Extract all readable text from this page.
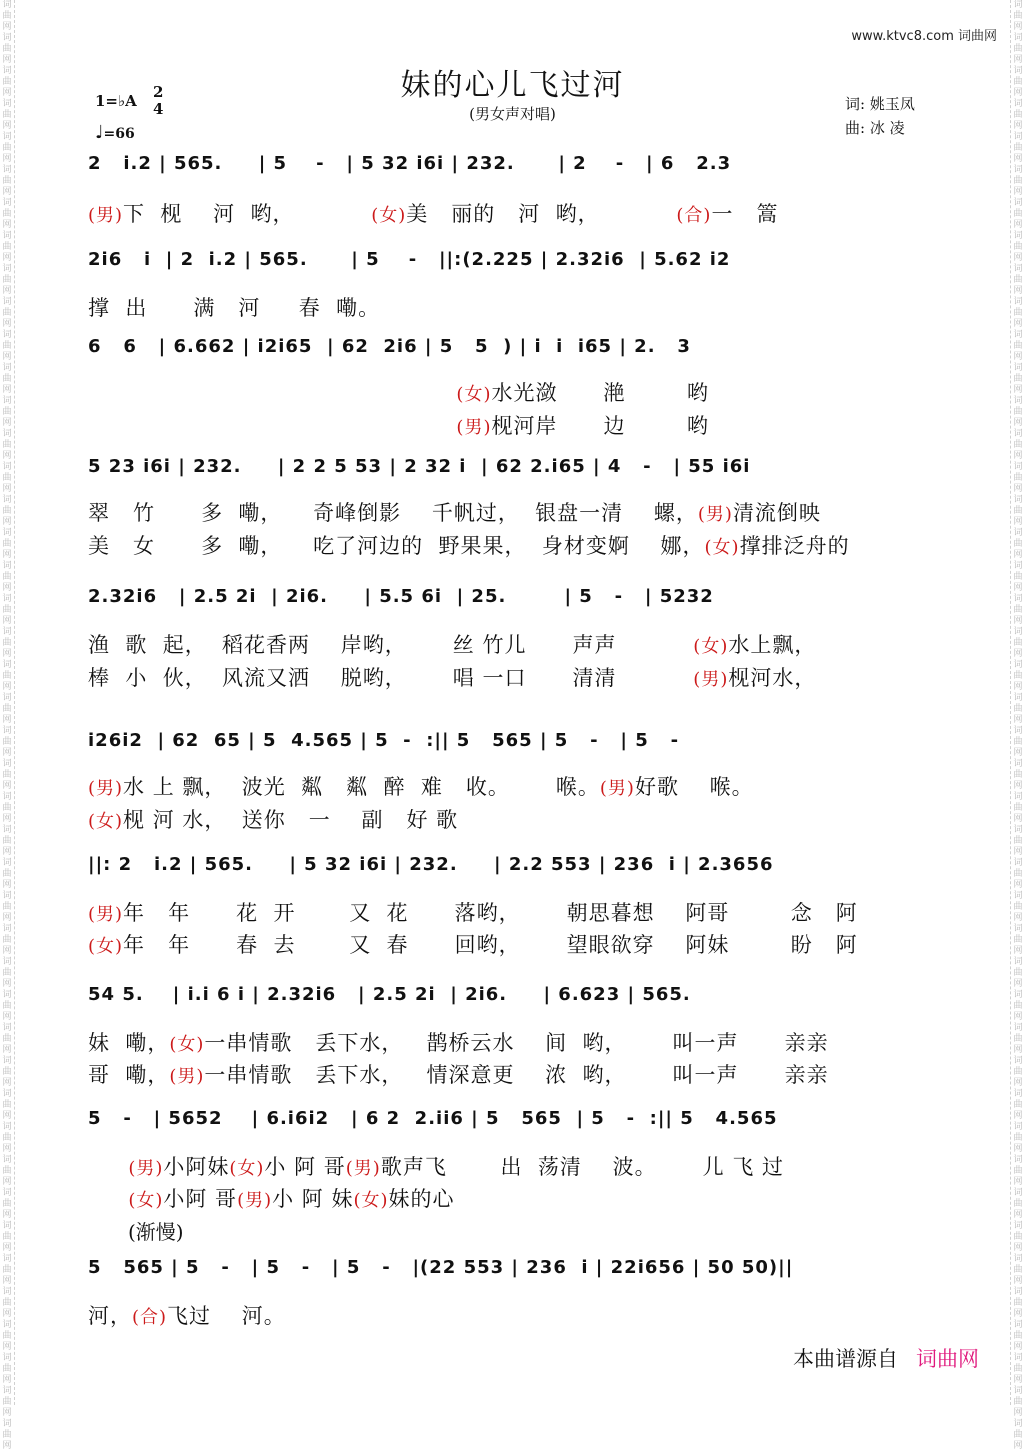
词曲网词曲网词曲网词曲网词曲网词曲网词曲网词曲网词曲网词曲网词曲网词曲网词曲网词曲网词曲网词曲网词曲网词曲网词曲网词曲网词曲网词曲网词曲网词曲网词曲网词曲网词曲网词曲网词曲网词曲网词曲网词曲网词曲网词曲网词曲网词曲网词曲网词曲网词曲网词曲网词曲网词曲网词曲网词曲网
词曲网词曲网词曲网词曲网词曲网词曲网词曲网词曲网词曲网词曲网词曲网词曲网词曲网词曲网词曲网词曲网词曲网词曲网词曲网词曲网词曲网词曲网词曲网词曲网词曲网词曲网词曲网词曲网词曲网词曲网词曲网词曲网词曲网词曲网词曲网词曲网词曲网词曲网词曲网词曲网词曲网词曲网词曲网词曲网
www.ktvc8.com 词曲网
妹的心儿飞过河
(男女声对唱)
1=♭A 2
4
♩=66
词: 姚玉凤
曲: 冰 凌
2   i.2 | 565.     | 5    -   | 5 32 i6i | 232.      | 2    -   | 6   2.3
2i6   i  | 2  i.2 | 565.      | 5    -   ||:(2.225 | 2.32i6  | 5.62 i2
6   6   | 6.662 | i2i65  | 62  2i6 | 5   5  ) | i  i  i65 | 2.   3
5 23 i6i | 232.     | 2 2 5 53 | 2 32 i  | 62 2.i65 | 4   -   | 55 i6i
2.32i6   | 2.5 2i  | 2i6.     | 5.5 6i  | 25.        | 5   -   | 5232
i26i2  | 62  65 | 5  4.565 | 5  -  :|| 5   565 | 5   -   | 5   -
||: 2   i.2 | 565.     | 5 32 i6i | 232.     | 2.2 553 | 236  i | 2.3656
54 5.    | i.i 6 i | 2.32i6   | 2.5 2i  | 2i6.     | 6.623 | 565.
5   -   | 5652    | 6.i6i2   | 6 2  2.ii6 | 5   565  | 5   -  :|| 5   4.565
5   565 | 5   -   | 5   -   | 5   -   |(22 553 | 236  i | 22i656 | 50 50)||
(男)下  枧    河  哟，          (女)美   丽的   河  哟，          (合)一   篙
撑  出      满   河     春  嘞。
(女)水光潋      滟        哟
(男)枧河岸      边        哟
翠   竹      多  嘞，    奇峰倒影    千帆过，  银盘一清    螺，(男)清流倒映
美   女      多  嘞，    吃了河边的  野果果，  身材变婀    娜，(女)撑排泛舟的
渔  歌  起，  稻花香两    岸哟，      丝 竹儿      声声          (女)水上飘，
棒  小  伙，  风流又洒    脱哟，      唱 一口      清清          (男)枧河水，
(男)水 上 飘，  波光  粼   粼  醉  难   收。      喉。(男)好歌    喉。
(女)枧 河 水，  送你   一    副   好 歌
(男)年   年      花  开       又  花      落哟，      朝思暮想    阿哥        念   阿
(女)年   年      春  去       又  春      回哟，      望眼欲穿    阿妹        盼   阿
妹  嘞，(女)一串情歌   丢下水，   鹊桥云水    间  哟，      叫一声      亲亲
哥  嘞，(男)一串情歌   丢下水，   情深意更    浓  哟，      叫一声      亲亲
(男)小阿妹(女)小 阿 哥(男)歌声飞       出  荡清    波。      儿 飞 过
(女)小阿 哥(男)小 阿 妹(女)妹的心
(渐慢)
河，(合)飞过    河。
本曲谱源自 词曲网
